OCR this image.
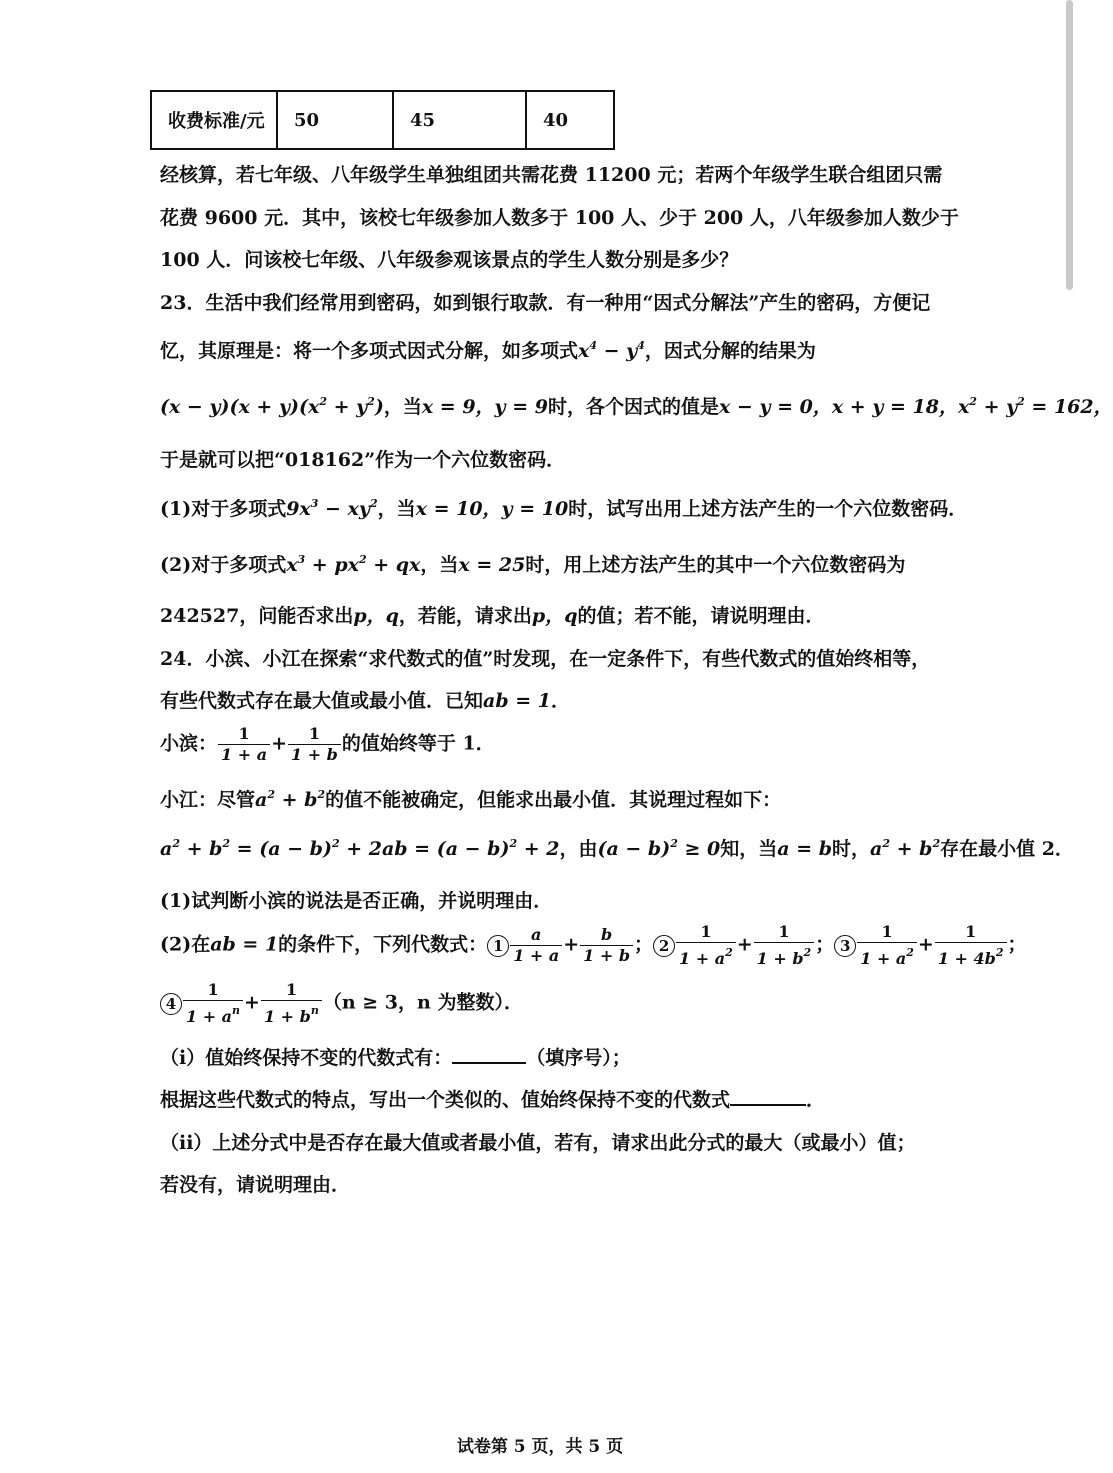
收费标准/元	50	45	40
经核算，若七年级、八年级学生单独组团共需花费 11200 元；若两个年级学生联合组团只需
花费 9600 元．其中，该校七年级参加人数多于 100 人、少于 200 人，八年级参加人数少于
100 人．问该校七年级、八年级参观该景点的学生人数分别是多少？
23．生活中我们经常用到密码，如到银行取款．有一种用“因式分解法”产生的密码，方便记
忆，其原理是：将一个多项式因式分解，如多项式$x^4 - y^4$，因式分解的结果为
$(x - y)(x + y)(x^2 + y^2)$，当x = 9，y = 9时，各个因式的值是x − y = 0，x + y = 18，$x^2 + y^2 = 162$，
于是就可以把“018162”作为一个六位数密码．
(1)对于多项式$9x^3 - xy^2$，当x = 10，y = 10时，试写出用上述方法产生的一个六位数密码．
(2)对于多项式$x^3 + px^2$ + qx，当x = 25时，用上述方法产生的其中一个六位数密码为
242527，问能否求出p，q，若能，请求出p，q的值；若不能，请说明理由．
24．小滨、小江在探索“求代数式的值”时发现，在一定条件下，有些代数式的值始终相等，
有些代数式存在最大值或最小值．已知ab = 1．
小滨： $\frac{1}{1 + a} + \frac{1}{1 + b}$ 的值始终等于 1．
小江：尽管$a^2 + b^2$的值不能被确定，但能求出最小值．其说理过程如下：
$a^2 + b^2 = (a - b)^2 + 2ab = (a - b)^2 + 2$，由$(a - b)^2 \ge 0$知，当a = b时，$a^2 + b^2$存在最小值 2．
(1)试判断小滨的说法是否正确，并说明理由．
(2)在ab = 1的条件下，下列代数式： $1 \frac{a}{1 + a} + \frac{b}{1 + b}$ ； $2 \frac{1}{1 + a^2} + \frac{1}{1 + b^2}$ ； $3 \frac{1}{1 + a^2} + \frac{1}{1 + 4b^2}$ ；
$4 \frac{1}{1 + a^n} + \frac{1}{1 + b^n} (n \ge 3$，n 为整数）．
（i）值始终保持不变的代数式有：	（填序号）；
根据这些代数式的特点，写出一个类似的、值始终保持不变的代数式	．
（ii）上述分式中是否存在最大值或者最小值，若有，请求出此分式的最大（或最小）值；
若没有，请说明理由．
试卷第 5 页，共 5 页
